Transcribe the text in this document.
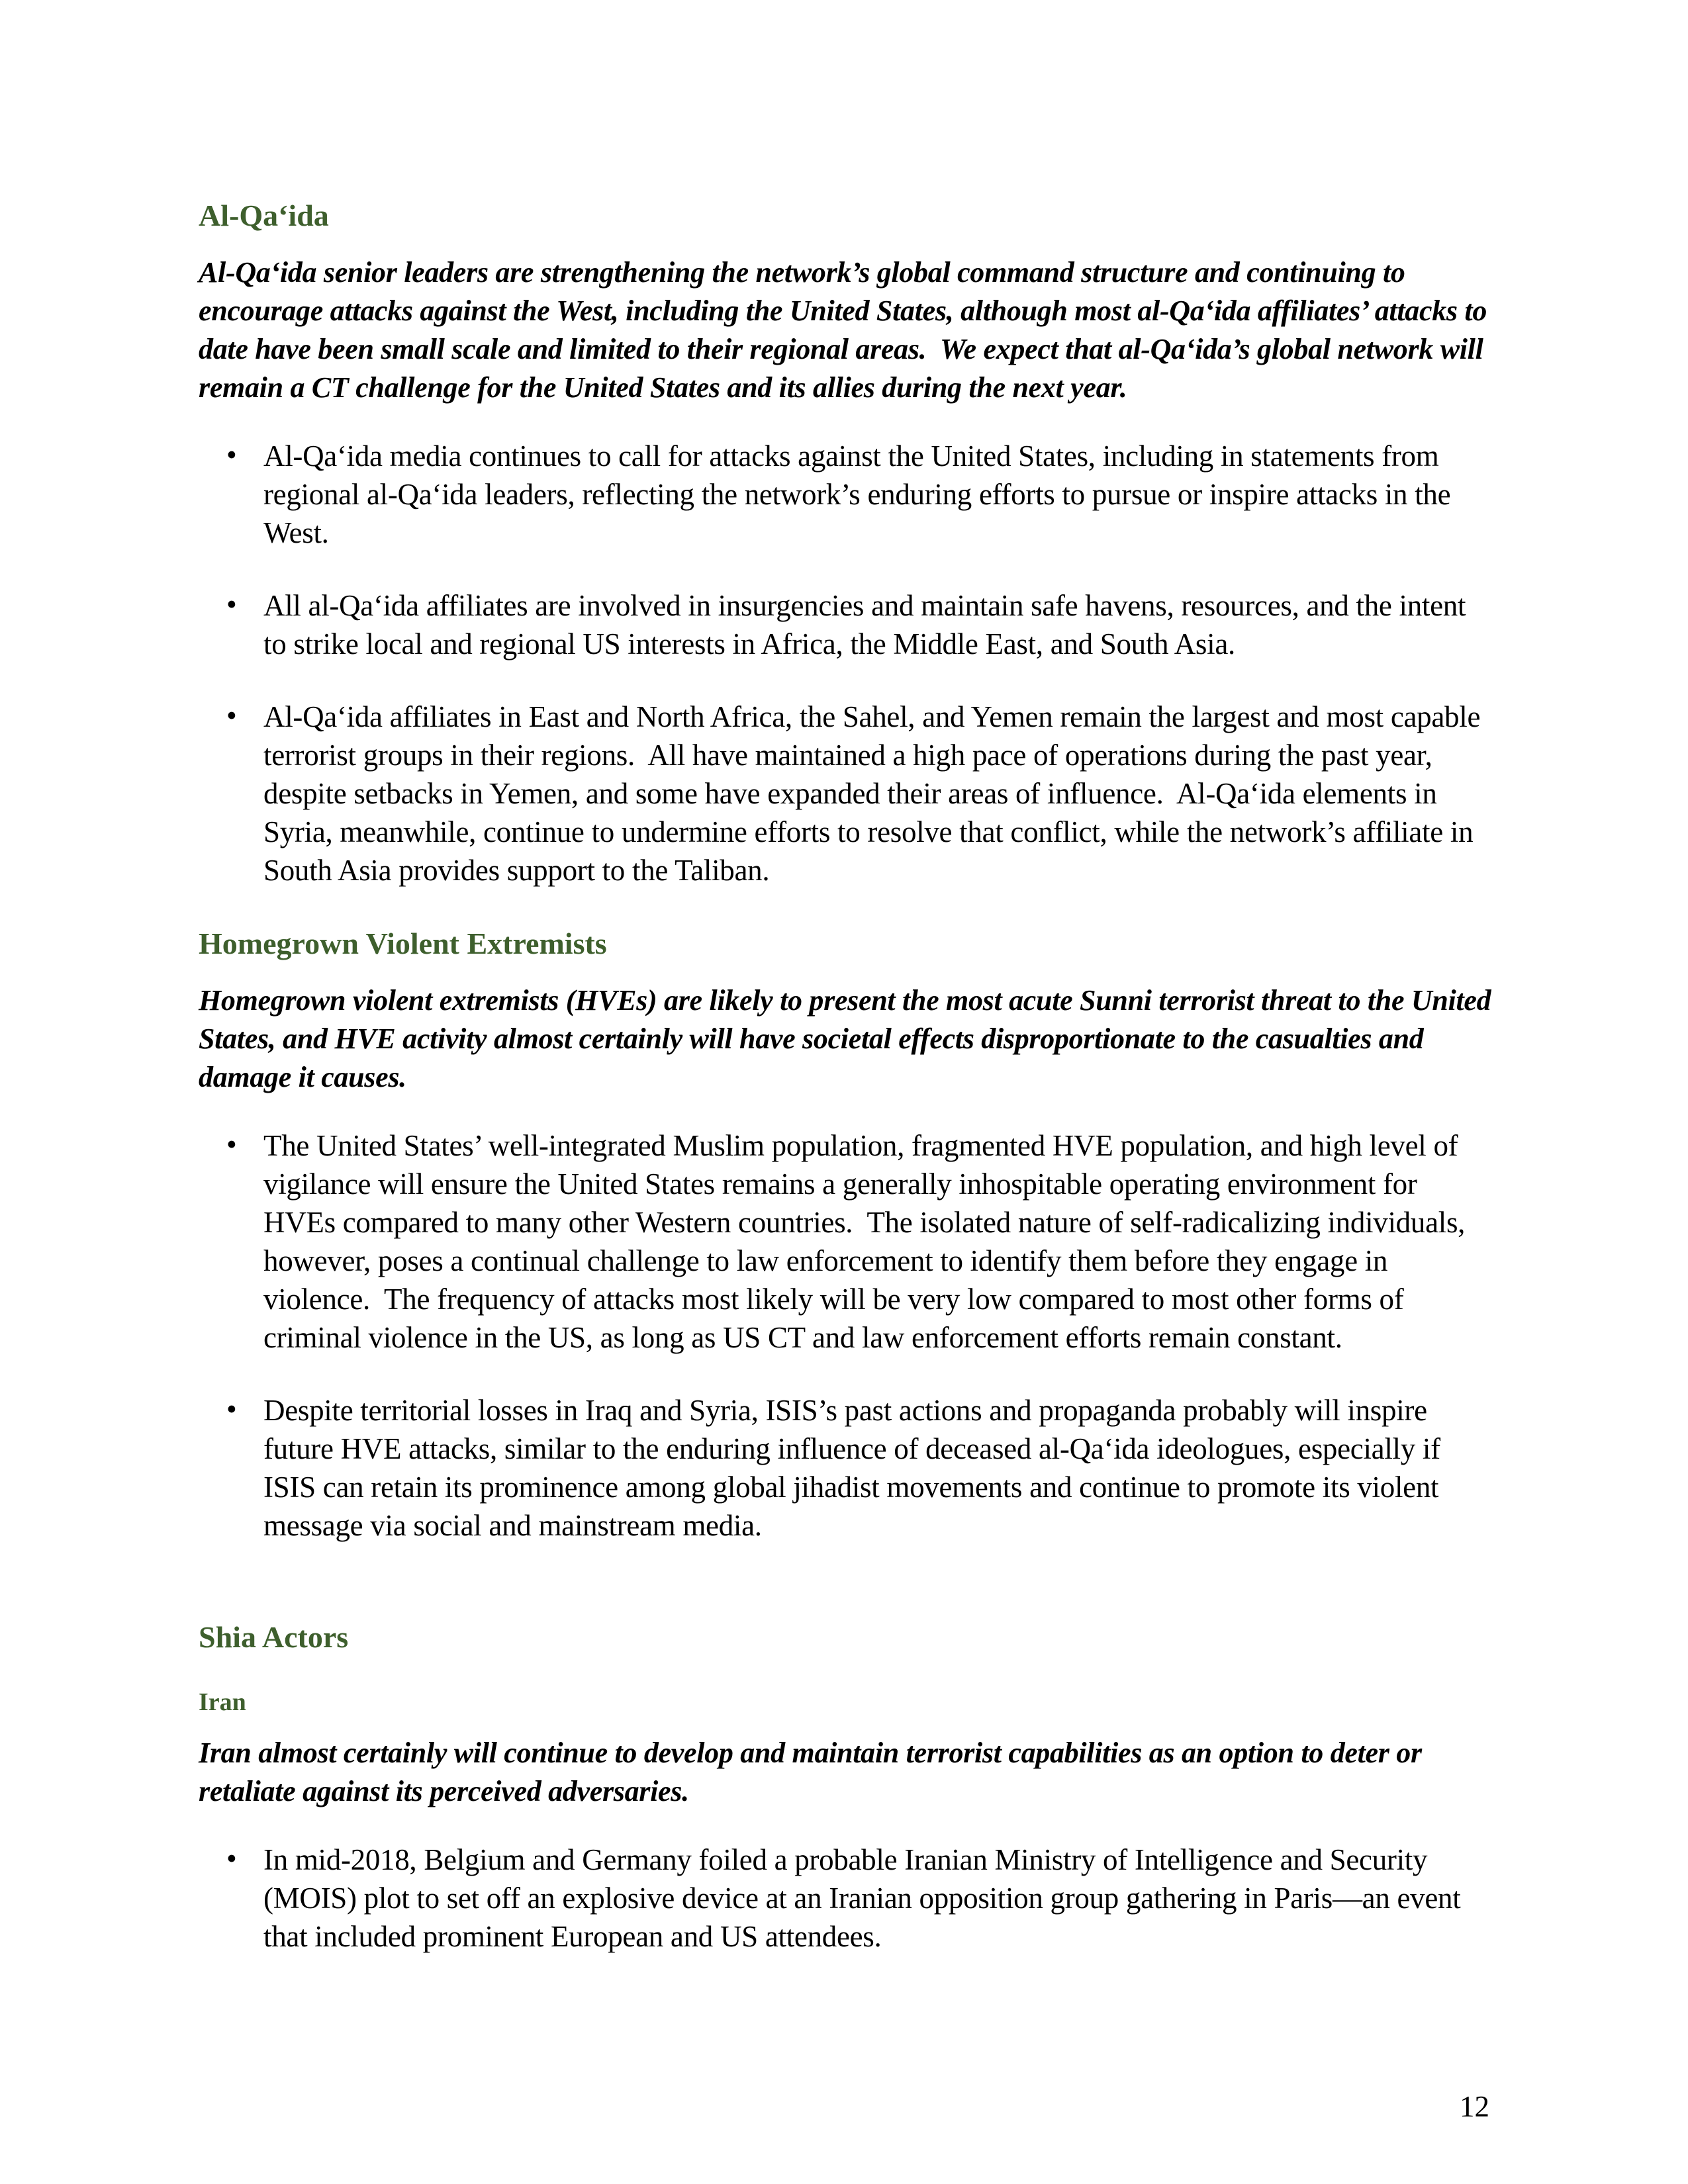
Al-Qa‘ida

Al-Qa‘ida senior leaders are strengthening the network’s global command structure and continuing to encourage attacks against the West, including the United States, although most al-Qa‘ida affiliates’ attacks to date have been small scale and limited to their regional areas.  We expect that al-Qa‘ida’s global network will remain a CT challenge for the United States and its allies during the next year.

• Al-Qa‘ida media continues to call for attacks against the United States, including in statements from regional al-Qa‘ida leaders, reflecting the network’s enduring efforts to pursue or inspire attacks in the West.
• All al-Qa‘ida affiliates are involved in insurgencies and maintain safe havens, resources, and the intent to strike local and regional US interests in Africa, the Middle East, and South Asia.
• Al-Qa‘ida affiliates in East and North Africa, the Sahel, and Yemen remain the largest and most capable terrorist groups in their regions.  All have maintained a high pace of operations during the past year, despite setbacks in Yemen, and some have expanded their areas of influence.  Al-Qa‘ida elements in Syria, meanwhile, continue to undermine efforts to resolve that conflict, while the network’s affiliate in South Asia provides support to the Taliban.
Homegrown Violent Extremists

Homegrown violent extremists (HVEs) are likely to present the most acute Sunni terrorist threat to the United States, and HVE activity almost certainly will have societal effects disproportionate to the casualties and damage it causes.

• The United States’ well-integrated Muslim population, fragmented HVE population, and high level of vigilance will ensure the United States remains a generally inhospitable operating environment for HVEs compared to many other Western countries.  The isolated nature of self-radicalizing individuals, however, poses a continual challenge to law enforcement to identify them before they engage in violence.  The frequency of attacks most likely will be very low compared to most other forms of criminal violence in the US, as long as US CT and law enforcement efforts remain constant.
• Despite territorial losses in Iraq and Syria, ISIS’s past actions and propaganda probably will inspire future HVE attacks, similar to the enduring influence of deceased al-Qa‘ida ideologues, especially if ISIS can retain its prominence among global jihadist movements and continue to promote its violent message via social and mainstream media.
Shia Actors
Iran

Iran almost certainly will continue to develop and maintain terrorist capabilities as an option to deter or retaliate against its perceived adversaries.

• In mid-2018, Belgium and Germany foiled a probable Iranian Ministry of Intelligence and Security (MOIS) plot to set off an explosive device at an Iranian opposition group gathering in Paris—an event that included prominent European and US attendees.
12
